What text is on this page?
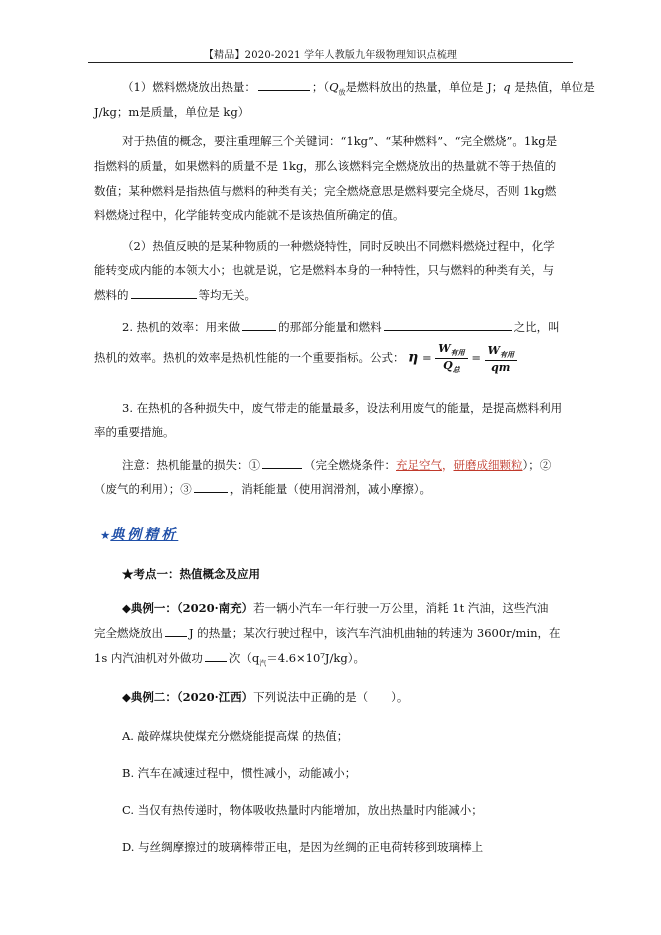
【精品】2020-2021 学年人教版九年级物理知识点梳理
（1）燃料燃烧放出热量：	；（$Q_放$是燃料放出的热量，单位是 J；q 是热值，单位是
J/kg；m是质量，单位是 kg）
对于热值的概念，要注重理解三个关键词：“1kg”、“某种燃料”、“完全燃烧”。1kg是
指燃料的质量，如果燃料的质量不是 1kg，那么该燃料完全燃烧放出的热量就不等于热值的
数值；某种燃料是指热值与燃料的种类有关；完全燃烧意思是燃料要完全烧尽，否则 1kg燃
料燃烧过程中，化学能转变成内能就不是该热值所确定的值。
（2）热值反映的是某种物质的一种燃烧特性，同时反映出不同燃料燃烧过程中，化学
能转变成内能的本领大小；也就是说，它是燃料本身的一种特性，只与燃料的种类有关，与
燃料的	等均无关。
2. 热机的效率：用来做	的那部分能量和燃料	之比，叫
热机的效率。热机的效率是热机性能的一个重要指标。公式： $\eta = \frac{W_{有用}}{Q_总} = \frac{W_{有用}}{qm}$
3. 在热机的各种损失中，废气带走的能量最多，设法利用废气的能量，是提高燃料利用
率的重要措施。
注意：热机能量的损失：①	（完全燃烧条件：充足空气，研磨成细颗粒）；②
（废气的利用）；③	，消耗能量（使用润滑剂，减小摩擦）。
★典例精析
★考点一：热值概念及应用
◆典例一：（2020·南充）若一辆小汽车一年行驶一万公里，消耗 1t 汽油，这些汽油
完全燃烧放出 J 的热量；某次行驶过程中，该汽车汽油机曲轴的转速为 3600r/min，在
1s 内汽油机对外做功 次$(q_汽=4.6\times 10^7J/kg)$。
◆典例二：（2020·江西）下列说法中正确的是（　　）。
A. 敲碎煤块使煤充分燃烧能提高煤 的热值；
B. 汽车在减速过程中，惯性减小，动能减小；
C. 当仅有热传递时，物体吸收热量时内能增加，放出热量时内能减小；
D. 与丝绸摩擦过的玻璃棒带正电，是因为丝绸的正电荷转移到玻璃棒上
